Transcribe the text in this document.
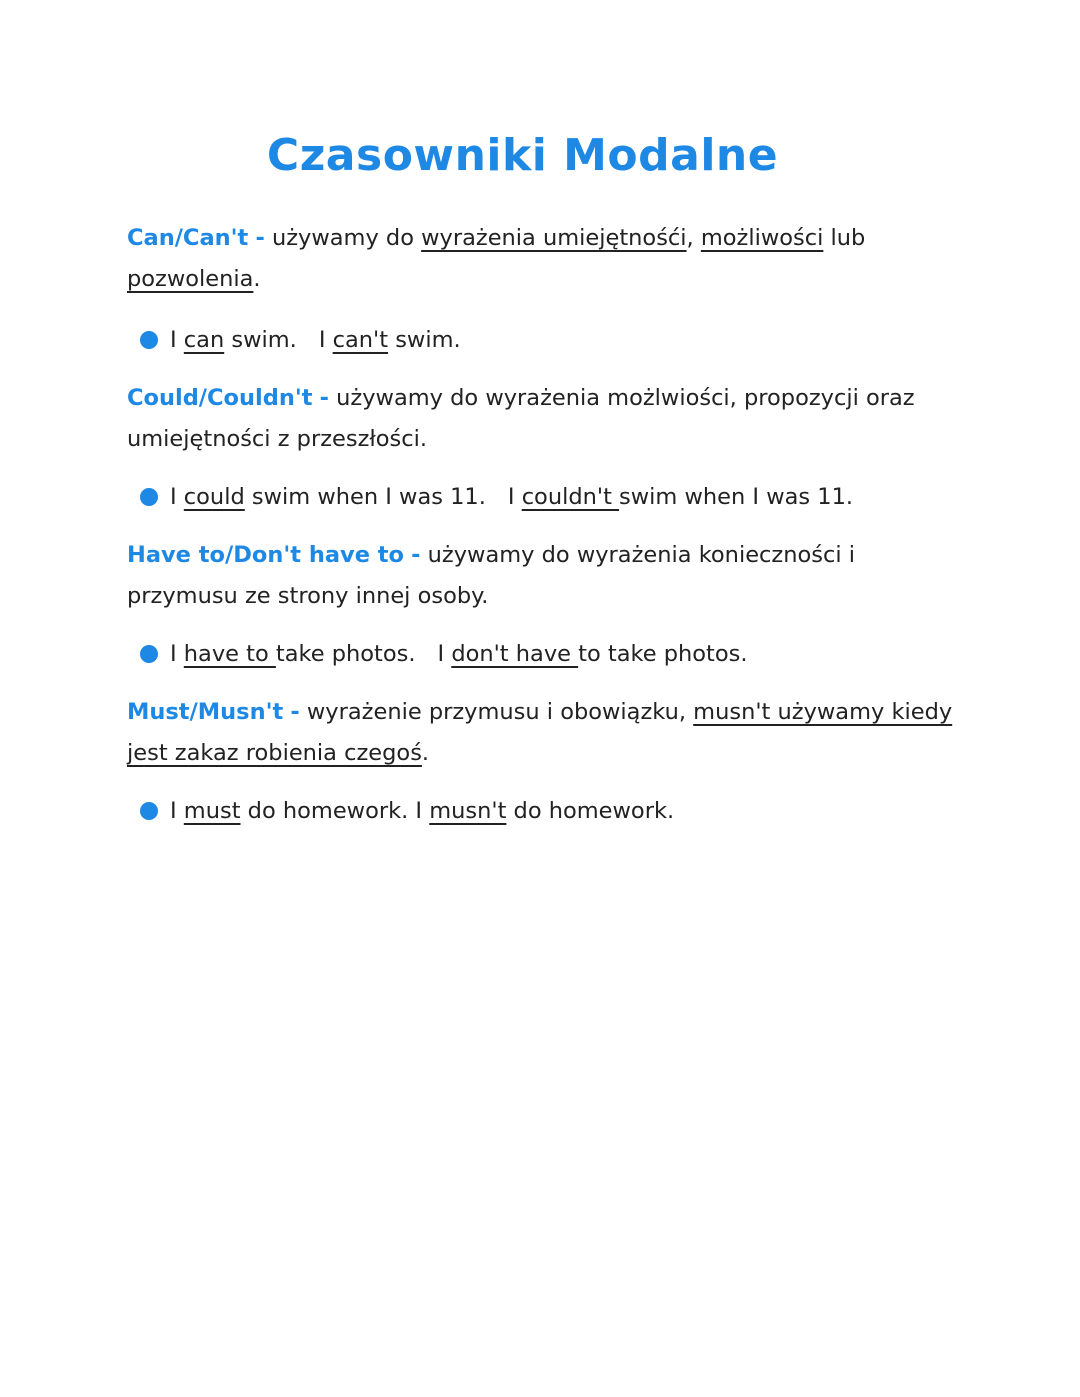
Czasowniki Modalne
Can/Can't - używamy do wyrażenia umiejętnośći, możliwości lub pozwolenia.
I can swim. I can't swim.
Could/Couldn't - używamy do wyrażenia możlwiości, propozycji oraz umiejętności z przeszłości.
I could swim when I was 11. I couldn't swim when I was 11.
Have to/Don't have to - używamy do wyrażenia konieczności i przymusu ze strony innej osoby.
I have to take photos. I don't have to take photos.
Must/Musn't - wyrażenie przymusu i obowiązku, musn't używamy kiedy jest zakaz robienia czegoś.
I must do homework. I musn't do homework.
